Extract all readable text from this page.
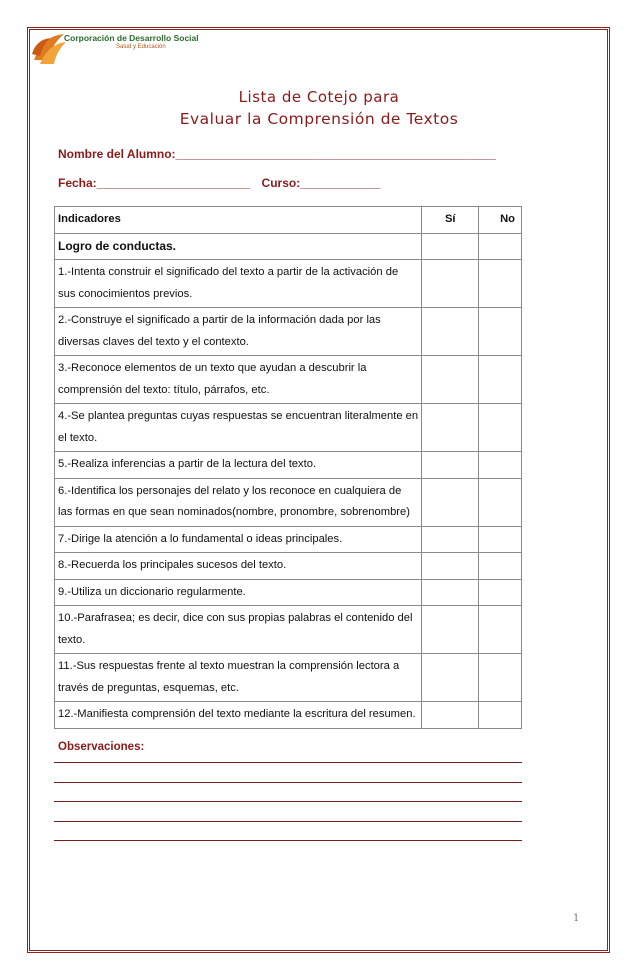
Corporación de Desarrollo Social
Salud y Educación
Lista de Cotejo para
Evaluar la Comprensión de Textos
Nombre del Alumno:________________________________________________
Fecha:_______________________ Curso:____________
Indicadores	Sí	No
Logro de conductas.		
1.-Intenta construir el significado del texto a partir de la activación de sus conocimientos previos.		
2.-Construye el significado a partir de la información dada por las diversas claves del texto y el contexto.		
3.-Reconoce elementos de un texto que ayudan a descubrir la comprensión del texto: título, párrafos, etc.		
4.-Se plantea preguntas cuyas respuestas se encuentran literalmente en el texto.		
5.-Realiza inferencias a partir de la lectura del texto.		
6.-Identifica los personajes del relato y los reconoce en cualquiera de las formas en que sean nominados(nombre, pronombre, sobrenombre)		
7.-Dirige la atención a lo fundamental o ideas principales.		
8.-Recuerda los principales sucesos del texto.		
9.-Utiliza un diccionario regularmente.		
10.-Parafrasea; es decir, dice con sus propias palabras el contenido del texto.		
11.-Sus respuestas frente al texto muestran la comprensión lectora a través de preguntas, esquemas, etc.		
12.-Manifiesta comprensión del texto mediante la escritura del resumen.		
Observaciones:
1
